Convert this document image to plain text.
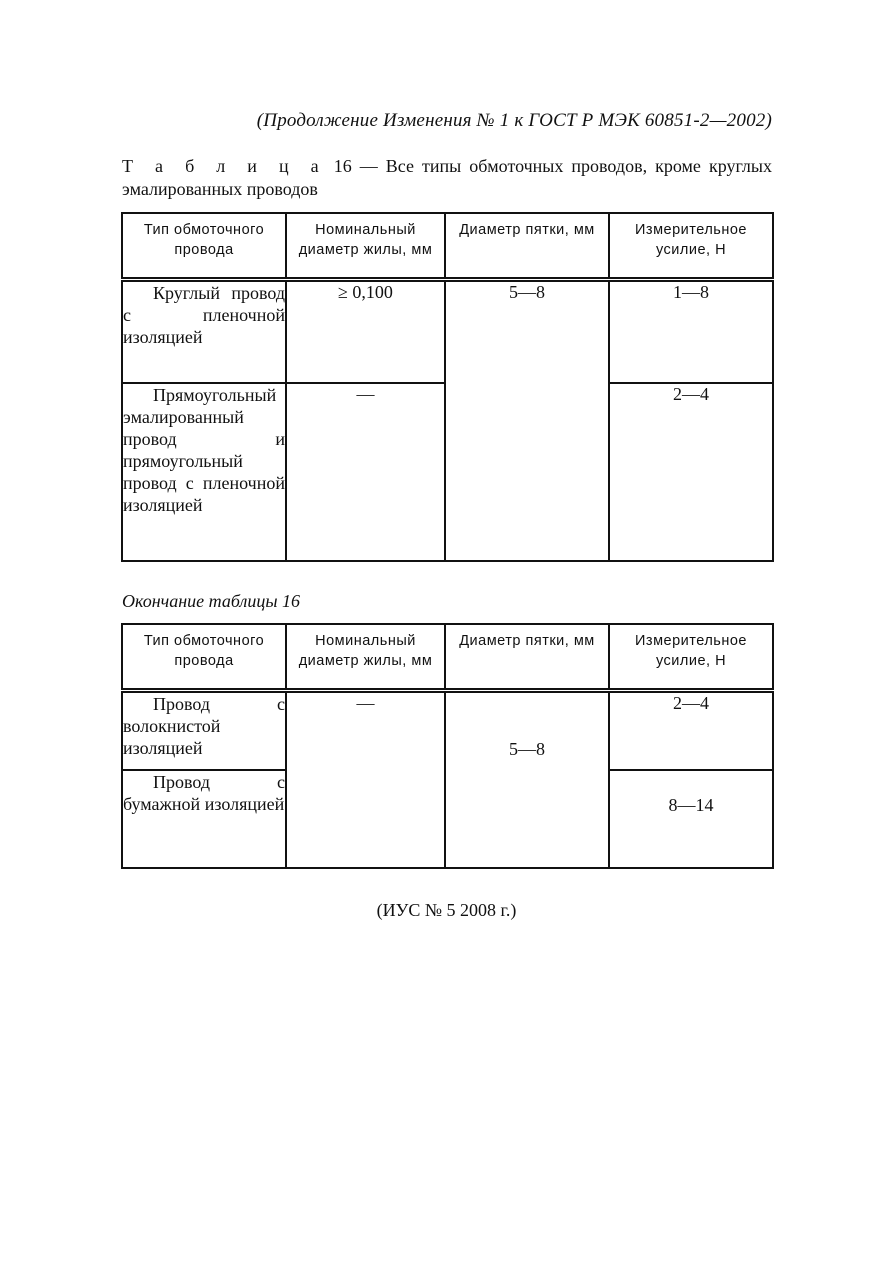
(Продолжение Изменения № 1 к ГОСТ Р МЭК 60851-2—2002)
Т а б л и ц а 16 — Все типы обмоточных проводов, кроме круглых эмалированных проводов
Тип обмоточного провода	Номинальный диаметр жилы, мм	Диаметр пятки, мм	Измерительное усилие, Н

Круглый провод с пленочной изоляцией	≥ 0,100	5—8	1—8

Прямоугольный эмалированный провод и прямоугольный провод с пленочной изоляцией	—		2—4
Окончание таблицы 16
Тип обмоточного провода	Номинальный диаметр жилы, мм	Диаметр пятки, мм	Измерительное усилие, Н

Провод с волокнистой изоляцией	—	5—8	2—4

Провод с бумажной изоляцией			8—14
(ИУС № 5 2008 г.)
